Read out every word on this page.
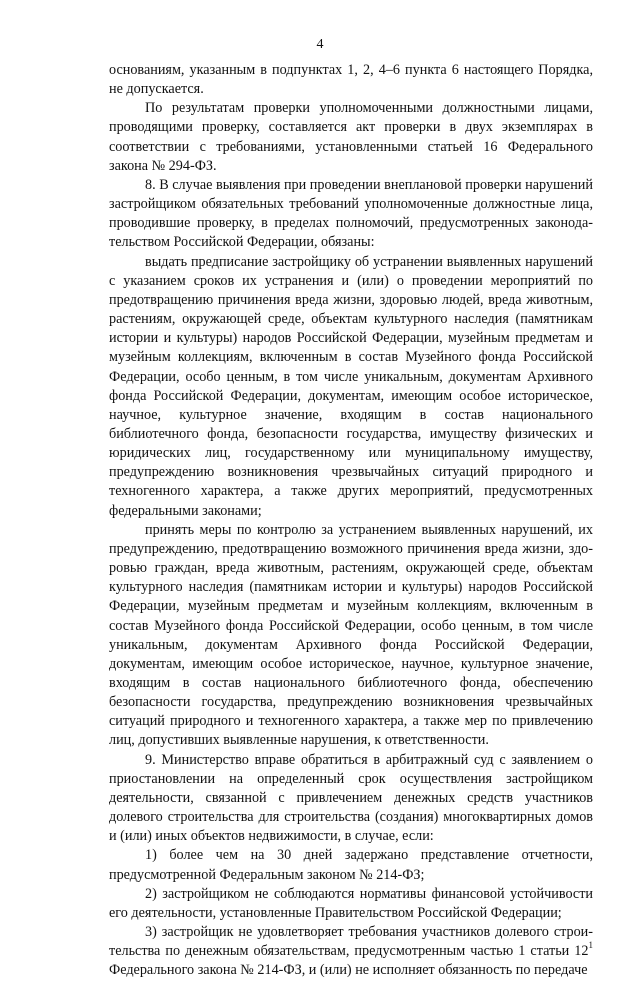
4

основаниям, указанным в подпунктах 1, 2, 4–6 пункта 6 настоящего Порядка, не допускается.

По результатам проверки уполномоченными должностными лицами, проводящими проверку, составляется акт проверки в двух экземплярах в соответствии с требованиями, установленными статьей 16 Федерального закона № 294-ФЗ.

8. В случае выявления при проведении внеплановой проверки нарушений застройщиком обязательных требований уполномоченные должностные лица, проводившие проверку, в пределах полномочий, предусмотренных законодательством Российской Федерации, обязаны:

выдать предписание застройщику об устранении выявленных нарушений с указанием сроков их устранения и (или) о проведении мероприятий по предотвращению причинения вреда жизни, здоровью людей, вреда животным, растениям, окружающей среде, объектам культурного наследия (памятникам истории и культуры) народов Российской Федерации, музейным предметам и музейным коллекциям, включенным в состав Музейного фонда Российской Федерации, особо ценным, в том числе уникальным, документам Архивного фонда Российской Федерации, документам, имеющим особое историческое, научное, культурное значение, входящим в состав национального библиотечного фонда, безопасности государства, имуществу физических и юридических лиц, государственному или муниципальному имуществу, предупреждению возникновения чрезвычайных ситуаций природного и техногенного характера, а также других мероприятий, предусмотренных федеральными законами;

принять меры по контролю за устранением выявленных нарушений, их предупреждению, предотвращению возможного причинения вреда жизни, здоровью граждан, вреда животным, растениям, окружающей среде, объектам культурного наследия (памятникам истории и культуры) народов Российской Федерации, музейным предметам и музейным коллекциям, включенным в состав Музейного фонда Российской Федерации, особо ценным, в том числе уникальным, документам Архивного фонда Российской Федерации, документам, имеющим особое историческое, научное, культурное значение, входящим в состав национального библиотечного фонда, обеспечению безопасности государства, предупреждению возникновения чрезвычайных ситуаций природного и техногенного характера, а также мер по привлечению лиц, допустивших выявленные нарушения, к ответственности.

9. Министерство вправе обратиться в арбитражный суд с заявлением о приостановлении на определенный срок осуществления застройщиком деятельности, связанной с привлечением денежных средств участников долевого строительства для строительства (создания) многоквартирных домов и (или) иных объектов недвижимости, в случае, если:

1) более чем на 30 дней задержано представление отчетности, предусмотренной Федеральным законом № 214-ФЗ;

2) застройщиком не соблюдаются нормативы финансовой устойчивости его деятельности, установленные Правительством Российской Федерации;

3) застройщик не удовлетворяет требования участников долевого строительства по денежным обязательствам, предусмотренным частью 1 статьи $12^1$ Федерального закона № 214-ФЗ, и (или) не исполняет обязанность по передаче
